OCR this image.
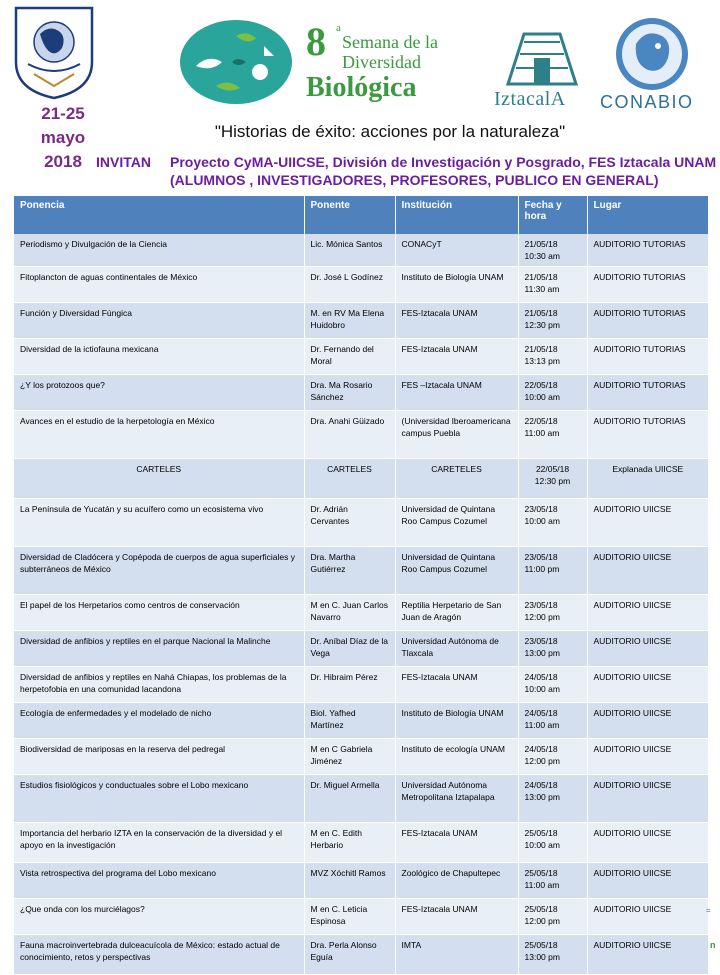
8 a
Semana de la
Diversidad
Biológica	IztacalA CONABIO
21-25
mayo
2018
"Historias de éxito: acciones por la naturaleza"
INVITAN Proyecto CyMA-UIICSE, División de Investigación y Posgrado, FES Iztacala UNAM
(ALUMNOS , INVESTIGADORES, PROFESORES, PUBLICO EN GENERAL)
Ponencia	Ponente	Institución	Fecha y hora	Lugar
Periodismo y Divulgación de la Ciencia	Lic. Mónica Santos	CONACyT	21/05/18 10:30 am	AUDITORIO TUTORIAS
Fitoplancton de aguas continentales de México	Dr. José L Godínez	Instituto de Biología UNAM	21/05/18 11:30 am	AUDITORIO TUTORIAS
Función y Diversidad Fúngica	M. en RV Ma Elena Huidobro	FES-Iztacala UNAM	21/05/18 12:30 pm	AUDITORIO TUTORIAS
Diversidad de la ictiofauna mexicana	Dr. Fernando del Moral	FES-Iztacala UNAM	21/05/18 13:13 pm	AUDITORIO TUTORIAS
¿Y los protozoos que?	Dra. Ma Rosario Sánchez	FES –Iztacala UNAM	22/05/18 10:00 am	AUDITORIO TUTORIAS
Avances en el estudio de la herpetología en México	Dra. Anahi Güizado	(Universidad Iberoamericana campus Puebla	22/05/18 11:00 am	AUDITORIO TUTORIAS
CARTELES	CARTELES	CARETELES	22/05/18 12:30 pm	Explanada UIICSE
La Península de Yucatán y su acuífero como un ecosistema vivo	Dr. Adrián Cervantes	Universidad de Quintana Roo Campus Cozumel	23/05/18 10:00 am	AUDITORIO UIICSE
Diversidad de Cladócera y Copépoda de cuerpos de agua superficiales y subterráneos de México	Dra. Martha Gutiérrez	Universidad de Quintana Roo Campus Cozumel	23/05/18 11:00 pm	AUDITORIO UIICSE
El papel de los Herpetarios como centros de conservación	M en C. Juan Carlos Navarro	Reptilia Herpetario de San Juan de Aragón	23/05/18 12:00 pm	AUDITORIO UIICSE
Diversidad de anfibios y reptiles en el parque Nacional la Malinche	Dr. Aníbal Díaz de la Vega	Universidad Autónoma de Tlaxcala	23/05/18 13:00 pm	AUDITORIO UIICSE
Diversidad de anfibios y reptiles en Nahá Chiapas, los problemas de la herpetofobia en una comunidad lacandona	Dr. Hibraim Pérez	FES-Iztacala UNAM	24/05/18 10:00 am	AUDITORIO UIICSE
Ecología de enfermedades y el modelado de nicho	Biol. Yafhed Martínez	Instituto de Biología UNAM	24/05/18 11:00 am	AUDITORIO UIICSE
Biodiversidad de mariposas en la reserva del pedregal	M en C Gabriela Jiménez	Instituto de ecología UNAM	24/05/18 12:00 pm	AUDITORIO UIICSE
Estudios fisiológicos y conductuales sobre el Lobo mexicano	Dr. Miguel Armella	Universidad Autónoma Metropolitana Iztapalapa	24/05/18 13:00 pm	AUDITORIO UIICSE
Importancia del herbario IZTA en la conservación de la diversidad y el apoyo en la investigación	M en C. Edith Herbario	FES-Iztacala UNAM	25/05/18 10:00 am	AUDITORIO UIICSE
Vista retrospectiva del programa del Lobo mexicano	MVZ Xóchitl Ramos	Zoológico de Chapultepec	25/05/18 11:00 am	AUDITORIO UIICSE
¿Que onda con los murciélagos?	M en C. Leticia Espinosa	FES-Iztacala UNAM	25/05/18 12:00 pm	AUDITORIO UIICSE
Fauna macroinvertebrada dulceacuícola de México: estado actual de conocimiento, retos y perspectivas	Dra. Perla Alonso Eguía	IMTA	25/05/18 13:00 pm	AUDITORIO UIICSE
=
n
